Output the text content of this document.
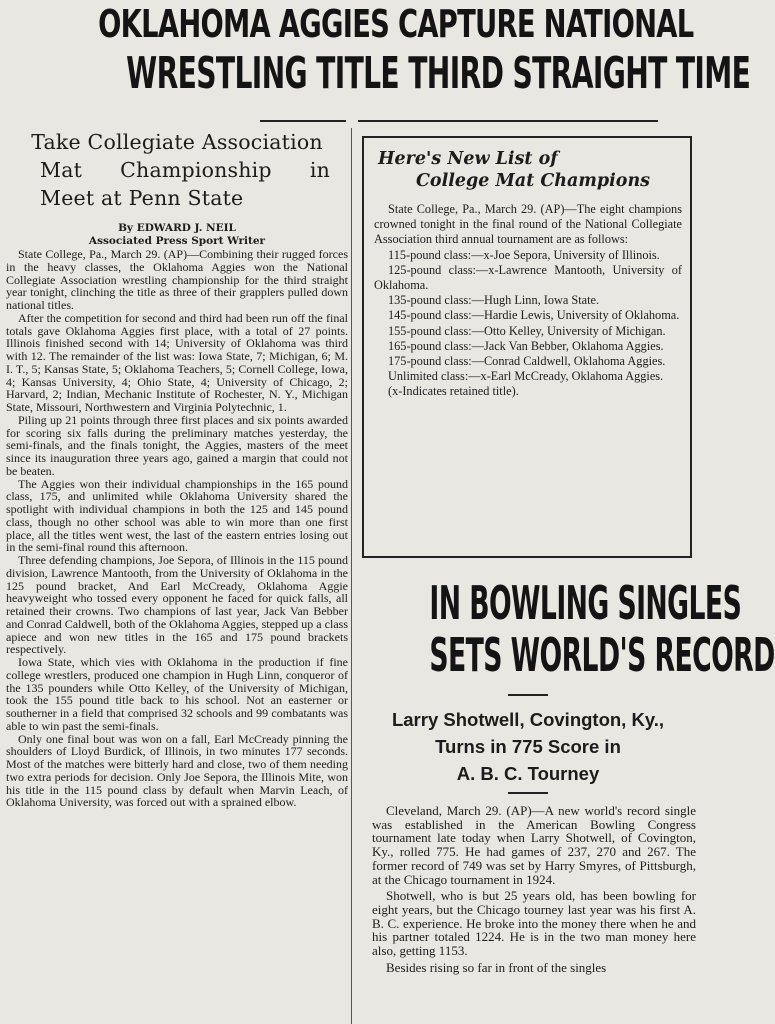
OKLAHOMA AGGIES CAPTURE NATIONAL
WRESTLING TITLE THIRD STRAIGHT TIME
Take Collegiate Association
Mat Championship in
Meet at Penn State
By EDWARD J. NEIL
Associated Press Sport Writer

State College, Pa., March 29. (AP)—Combining their rugged forces in the heavy classes, the Oklahoma Aggies won the National Collegiate Association wrestling championship for the third straight year tonight, clinching the title as three of their grapplers pulled down national titles.

After the competition for second and third had been run off the final totals gave Oklahoma Aggies first place, with a total of 27 points. Illinois finished second with 14; University of Oklahoma was third with 12. The remainder of the list was: Iowa State, 7; Michigan, 6; M. I. T., 5; Kansas State, 5; Oklahoma Teachers, 5; Cornell College, Iowa, 4; Kansas University, 4; Ohio State, 4; University of Chicago, 2; Harvard, 2; Indian, Mechanic Institute of Rochester, N. Y., Michigan State, Missouri, Northwestern and Virginia Polytechnic, 1.

Piling up 21 points through three first places and six points awarded for scoring six falls during the preliminary matches yesterday, the semi-finals, and the finals tonight, the Aggies, masters of the meet since its inauguration three years ago, gained a margin that could not be beaten.

The Aggies won their individual championships in the 165 pound class, 175, and unlimited while Oklahoma University shared the spotlight with individual champions in both the 125 and 145 pound class, though no other school was able to win more than one first place, all the titles went west, the last of the eastern entries losing out in the semi-final round this afternoon.

Three defending champions, Joe Sepora, of Illinois in the 115 pound division, Lawrence Mantooth, from the University of Oklahoma in the 125 pound bracket, And Earl McCready, Oklahoma Aggie heavyweight who tossed every opponent he faced for quick falls, all retained their crowns. Two champions of last year, Jack Van Bebber and Conrad Caldwell, both of the Oklahoma Aggies, stepped up a class apiece and won new titles in the 165 and 175 pound brackets respectively.

Iowa State, which vies with Oklahoma in the production if fine college wrestlers, produced one champion in Hugh Linn, conqueror of the 135 pounders while Otto Kelley, of the University of Michigan, took the 155 pound title back to his school. Not an easterner or southerner in a field that comprised 32 schools and 99 combatants was able to win past the semi-finals.

Only one final bout was won on a fall, Earl McCready pinning the shoulders of Lloyd Burdick, of Illinois, in two minutes 177 seconds. Most of the matches were bitterly hard and close, two of them needing two extra periods for decision. Only Joe Sepora, the Illinois Mite, won his title in the 115 pound class by default when Marvin Leach, of Oklahoma University, was forced out with a sprained elbow.

Here's New List of
College Mat Champions

State College, Pa., March 29. (AP)—The eight champions crowned tonight in the final round of the National Collegiate Association third annual tournament are as follows:

115-pound class:—x-Joe Sepora, University of Illinois.

125-pound class:—x-Lawrence Mantooth, University of Oklahoma.

135-pound class:—Hugh Linn, Iowa State.

145-pound class:—Hardie Lewis, University of Oklahoma.

155-pound class:—Otto Kelley, University of Michigan.

165-pound class:—Jack Van Bebber, Oklahoma Aggies.

175-pound class:—Conrad Caldwell, Oklahoma Aggies.

Unlimited class:—x-Earl McCready, Oklahoma Aggies.

(x-Indicates retained title).

IN BOWLING SINGLES
SETS WORLD'S RECORD
Larry Shotwell, Covington, Ky.,
Turns in 775 Score in
A. B. C. Tourney

Cleveland, March 29. (AP)—A new world's record single was established in the American Bowling Congress tournament late today when Larry Shotwell, of Covington, Ky., rolled 775. He had games of 237, 270 and 267. The former record of 749 was set by Harry Smyres, of Pittsburgh, at the Chicago tournament in 1924.

Shotwell, who is but 25 years old, has been bowling for eight years, but the Chicago tourney last year was his first A. B. C. experience. He broke into the money there when he and his partner totaled 1224. He is in the two man money here also, getting 1153.

Besides rising so far in front of the singles
